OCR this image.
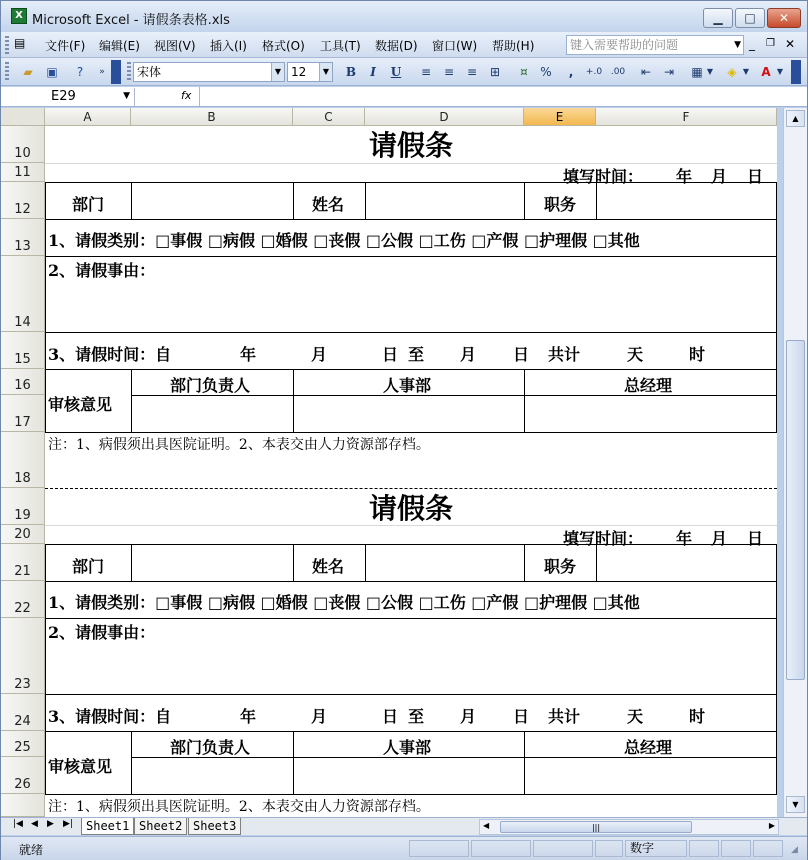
X Microsoft Excel - 请假条表格.xls	▁	□	✕
▤ 文件(F) 编辑(E) 视图(V) 插入(I) 格式(O) 工具(T) 数据(D) 窗口(W) 帮助(H)	键入需要帮助的问题	▼ _ ❐ ✕
▰	▣	?	»	宋体	▼ 12	▼	B	I	U	≡	≡	≡	⊞	¤	%	,	+.0 .00	⇤	⇥	▦ ▼	◈ ▼	A ▼
E29	▼	fx
A	B	C	D	E	F
10
11
12
13
14
15
16
17
18
19
20
21
22
23
24
25
26
请假条
填写时间： 年 月 日
部门	姓名	职务
1、请假类别：□事假 □病假 □婚假 □丧假 □公假 □工伤 □产假 □护理假 □其他
2、请假事由：
3、请假时间：自	年	月	日 至 月 日 共计	天	时
审核意见
部门负责人	人事部	总经理
注：1、病假须出具医院证明。2、本表交由人力资源部存档。
请假条
填写时间： 年 月 日
部门	姓名	职务
1、请假类别：□事假 □病假 □婚假 □丧假 □公假 □工伤 □产假 □护理假 □其他
2、请假事由：
3、请假时间：自	年	月	日 至 月 日 共计	天	时
审核意见
部门负责人	人事部	总经理
注：1、病假须出具医院证明。2、本表交由人力资源部存档。
▲
▼
|◀ ◀ ▶ ▶|	Sheet1 Sheet2 Sheet3	◀	|||	▶
就绪	数字	◢
